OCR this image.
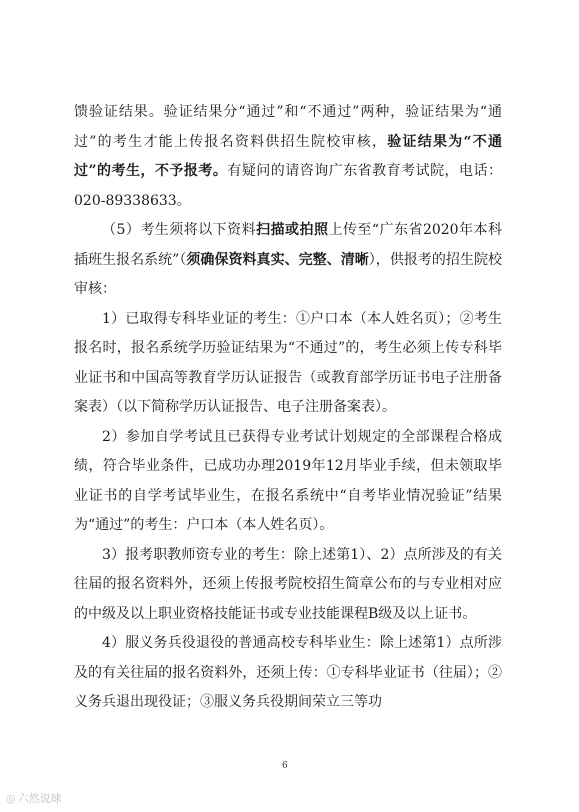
馈验证结果。验证结果分“通过”和“不通过”两种，验证结果为“通过”的考生才能上传报名资料供招生院校审核，验证结果为“不通过”的考生，不予报考。有疑问的请咨询广东省教育考试院，电话：020-89338633。

（5）考生须将以下资料扫描或拍照上传至“广东省2020年本科插班生报名系统”（须确保资料真实、完整、清晰），供报考的招生院校审核：

1）已取得专科毕业证的考生：①户口本（本人姓名页）；②考生报名时，报名系统学历验证结果为“不通过”的，考生必须上传专科毕业证书和中国高等教育学历认证报告（或教育部学历证书电子注册备案表）（以下简称学历认证报告、电子注册备案表）。

2）参加自学考试且已获得专业考试计划规定的全部课程合格成绩，符合毕业条件，已成功办理2019年12月毕业手续，但未领取毕业证书的自学考试毕业生，在报名系统中“自考毕业情况验证”结果为“通过”的考生：户口本（本人姓名页）。

3）报考职教师资专业的考生：除上述第1）、2）点所涉及的有关往届的报名资料外，还须上传报考院校招生简章公布的与专业相对应的中级及以上职业资格技能证书或专业技能课程B级及以上证书。

4）服义务兵役退役的普通高校专科毕业生：除上述第1）点所涉及的有关往届的报名资料外，还须上传：①专科毕业证书（往届）；②义务兵退出现役证；③服义务兵役期间荣立三等功

6
◎ 六然说球
